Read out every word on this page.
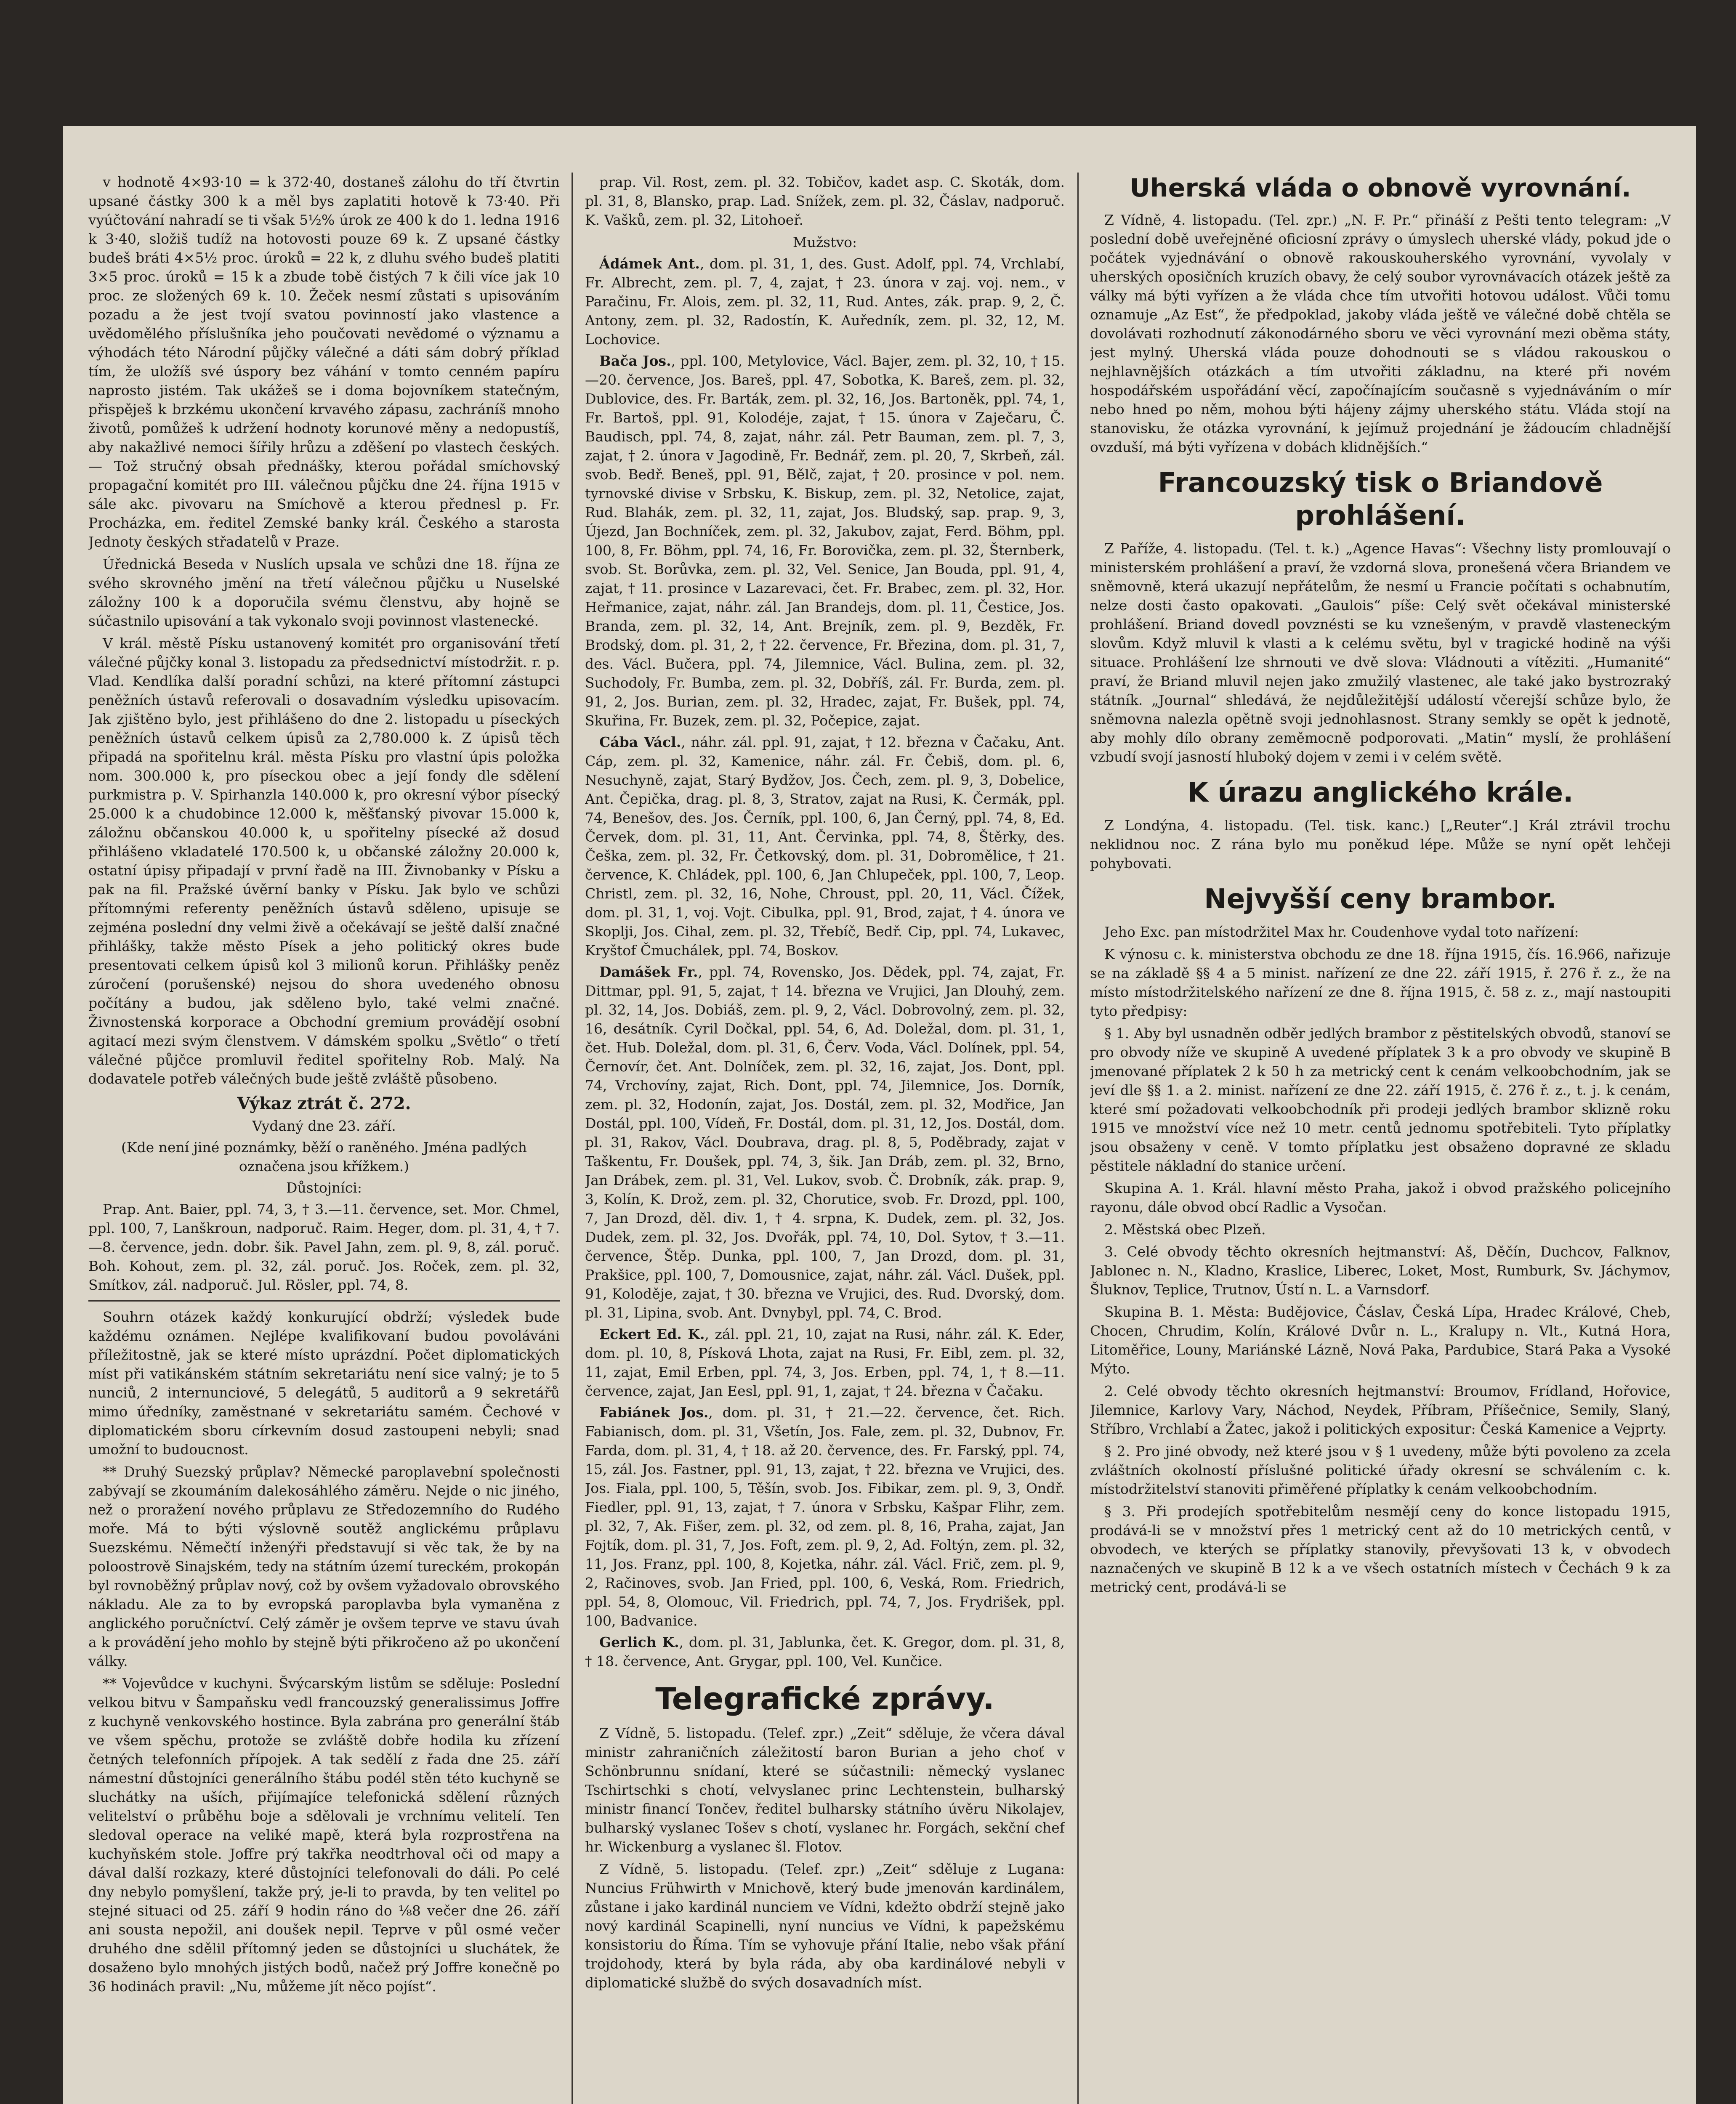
v hodnotě 4×93·10 = k 372·40, dostaneš zálohu do tří čtvrtin upsané částky 300 k a měl bys zaplatiti hotově k 73·40. Při vyúčtování nahradí se ti však 5½% úrok ze 400 k do 1. ledna 1916 k 3·40, složiš tudíž na hotovosti pouze 69 k. Z upsané částky budeš bráti 4×5½ proc. úroků = 22 k, z dluhu svého budeš platiti 3×5 proc. úroků = 15 k a zbude tobě čistých 7 k čili více jak 10 proc. ze složených 69 k. 10. Žeček nesmí zůstati s upisováním pozadu a že jest tvojí svatou povinností jako vlastence a uvědomělého příslušníka jeho poučovati nevědomé o významu a výhodách této Národní půjčky válečné a dáti sám dobrý příklad tím, že uložíš své úspory bez váhání v tomto cenném papíru naprosto jistém. Tak ukážeš se i doma bojovníkem statečným, přispěješ k brzkému ukončení krvavého zápasu, zachráníš mnoho životů, pomůžeš k udržení hodnoty korunové měny a nedopustíš, aby nakažlivé nemoci šířily hrůzu a zděšení po vlastech českých. — Tož stručný obsah přednášky, kterou pořádal smíchovský propagační komitét pro III. válečnou půjčku dne 24. října 1915 v sále akc. pivovaru na Smíchově a kterou přednesl p. Fr. Procházka, em. ředitel Zemské banky král. Českého a starosta Jednoty českých střadatelů v Praze.

Úřednická Beseda v Nuslích upsala ve schůzi dne 18. října ze svého skrovného jmění na třetí válečnou půjčku u Nuselské záložny 100 k a doporučila svému členstvu, aby hojně se súčastnilo upisování a tak vykonalo svoji povinnost vlastenecké.

V král. městě Písku ustanovený komitét pro organisování třetí válečné půjčky konal 3. listopadu za předsednictví místodržit. r. p. Vlad. Kendlíka další poradní schůzi, na které přítomní zástupci peněžních ústavů referovali o dosavadním výsledku upisovacím. Jak zjištěno bylo, jest přihlášeno do dne 2. listopadu u píseckých peněžních ústavů celkem úpisů za 2,780.000 k. Z úpisů těch připadá na spořitelnu král. města Písku pro vlastní úpis položka nom. 300.000 k, pro píseckou obec a její fondy dle sdělení purkmistra p. V. Spirhanzla 140.000 k, pro okresní výbor písecký 25.000 k a chudobince 12.000 k, měšťanský pivovar 15.000 k, záložnu občanskou 40.000 k, u spořitelny písecké až dosud přihlášeno vkladatelé 170.500 k, u občanské záložny 20.000 k, ostatní úpisy připadají v první řadě na III. Živnobanky v Písku a pak na fil. Pražské úvěrní banky v Písku. Jak bylo ve schůzi přítomnými referenty peněžních ústavů sděleno, upisuje se zejména poslední dny velmi živě a očekávají se ještě další značné přihlášky, takže město Písek a jeho politický okres bude presentovati celkem úpisů kol 3 milionů korun. Přihlášky peněz zúročení (porušenské) nejsou do shora uvedeného obnosu počítány a budou, jak sděleno bylo, také velmi značné. Živnostenská korporace a Obchodní gremium provádějí osobní agitací mezi svým členstvem. V dámském spolku „Světlo“ o třetí válečné půjčce promluvil ředitel spořitelny Rob. Malý. Na dodavatele potřeb válečných bude ještě zvláště působeno.

Výkaz ztrát č. 272.
Vydaný dne 23. září.
(Kde není jiné poznámky, běží o raněného. Jména padlých označena jsou křížkem.)
Důstojníci:

Prap. Ant. Baier, ppl. 74, 3, † 3.—11. července, set. Mor. Chmel, ppl. 100, 7, Lanškroun, nadporuč. Raim. Heger, dom. pl. 31, 4, † 7.—8. července, jedn. dobr. šik. Pavel Jahn, zem. pl. 9, 8, zál. poruč. Boh. Kohout, zem. pl. 32, zál. poruč. Jos. Roček, zem. pl. 32, Smítkov, zál. nadporuč. Jul. Rösler, ppl. 74, 8.

Souhrn otázek každý konkurující obdrží; výsledek bude každému oznámen. Nejlépe kvalifikovaní budou povoláváni příležitostně, jak se které místo uprázdní. Počet diplomatických míst při vatikánském státním sekretariátu není sice valný; je to 5 nunciů, 2 internunciové, 5 delegátů, 5 auditorů a 9 sekretářů mimo úředníky, zaměstnané v sekretariátu samém. Čechové v diplomatickém sboru církevním dosud zastoupeni nebyli; snad umožní to budoucnost.

** Druhý Suezský průplav? Německé paroplavební společnosti zabývají se zkoumáním dalekosáhlého záměru. Nejde o nic jiného, než o proražení nového průplavu ze Středozemního do Rudého moře. Má to býti výslovně soutěž anglickému průplavu Suezskému. Němečtí inženýři představují si věc tak, že by na poloostrově Sinajském, tedy na státním území tureckém, prokopán byl rovnoběžný průplav nový, což by ovšem vyžadovalo obrovského nákladu. Ale za to by evropská paroplavba byla vymaněna z anglického poručníctví. Celý záměr je ovšem teprve ve stavu úvah a k provádění jeho mohlo by stejně býti přikročeno až po ukončení války.

** Vojevůdce v kuchyni. Švýcarským listům se sděluje: Poslední velkou bitvu v Šampaňsku vedl francouzský generalissimus Joffre z kuchyně venkovského hostince. Byla zabrána pro generální štáb ve všem spěchu, protože se zvláště dobře hodila ku zřízení četných telefonních přípojek. A tak sedělí z řada dne 25. září námestní důstojníci generálního štábu podél stěn této kuchyně se sluchátky na uších, přijímajíce telefonická sdělení různých velitelství o průběhu boje a sdělovali je vrchnímu velitelí. Ten sledoval operace na veliké mapě, která byla rozprostřena na kuchyňském stole. Joffre prý takřka neodtrhoval oči od mapy a dával další rozkazy, které důstojníci telefonovali do dáli. Po celé dny nebylo pomyšlení, takže prý, je-li to pravda, by ten velitel po stejné situaci od 25. září 9 hodin ráno do ⅛8 večer dne 26. září ani sousta nepožil, ani doušek nepil. Teprve v půl osmé večer druhého dne sdělil přítomný jeden se důstojníci u sluchátek, že dosaženo bylo mnohých jistých bodů, načež prý Joffre konečně po 36 hodinách pravil: „Nu, můžeme jít něco pojíst“.

prap. Vil. Rost, zem. pl. 32. Tobičov, kadet asp. C. Skoták, dom. pl. 31, 8, Blansko, prap. Lad. Snížek, zem. pl. 32, Čáslav, nadporuč. K. Vašků, zem. pl. 32, Litohoeř.

Mužstvo:

Ádámek Ant., dom. pl. 31, 1, des. Gust. Adolf, ppl. 74, Vrchlabí, Fr. Albrecht, zem. pl. 7, 4, zajat, † 23. února v zaj. voj. nem., v Paračinu, Fr. Alois, zem. pl. 32, 11, Rud. Antes, zák. prap. 9, 2, Č. Antony, zem. pl. 32, Radostín, K. Auředník, zem. pl. 32, 12, M. Lochovice.

Bača Jos., ppl. 100, Metylovice, Václ. Bajer, zem. pl. 32, 10, † 15.—20. července, Jos. Bareš, ppl. 47, Sobotka, K. Bareš, zem. pl. 32, Dublovice, des. Fr. Barták, zem. pl. 32, 16, Jos. Bartoněk, ppl. 74, 1, Fr. Bartoš, ppl. 91, Kolodéje, zajat, † 15. února v Zaječaru, Č. Baudisch, ppl. 74, 8, zajat, náhr. zál. Petr Bauman, zem. pl. 7, 3, zajat, † 2. února v Jagodině, Fr. Bednář, zem. pl. 20, 7, Skrbeň, zál. svob. Bedř. Beneš, ppl. 91, Bělč, zajat, † 20. prosince v pol. nem. tyrnovské divise v Srbsku, K. Biskup, zem. pl. 32, Netolice, zajat, Rud. Blahák, zem. pl. 32, 11, zajat, Jos. Bludský, sap. prap. 9, 3, Újezd, Jan Bochníček, zem. pl. 32, Jakubov, zajat, Ferd. Böhm, ppl. 100, 8, Fr. Böhm, ppl. 74, 16, Fr. Borovička, zem. pl. 32, Šternberk, svob. St. Borůvka, zem. pl. 32, Vel. Senice, Jan Bouda, ppl. 91, 4, zajat, † 11. prosince v Lazarevaci, čet. Fr. Brabec, zem. pl. 32, Hor. Heřmanice, zajat, náhr. zál. Jan Brandejs, dom. pl. 11, Čestice, Jos. Branda, zem. pl. 32, 14, Ant. Brejník, zem. pl. 9, Bezděk, Fr. Brodský, dom. pl. 31, 2, † 22. července, Fr. Březina, dom. pl. 31, 7, des. Václ. Bučera, ppl. 74, Jilemnice, Václ. Bulina, zem. pl. 32, Suchodoly, Fr. Bumba, zem. pl. 32, Dobříš, zál. Fr. Burda, zem. pl. 91, 2, Jos. Burian, zem. pl. 32, Hradec, zajat, Fr. Bušek, ppl. 74, Skuřina, Fr. Buzek, zem. pl. 32, Počepice, zajat.

Cába Václ., náhr. zál. ppl. 91, zajat, † 12. března v Čačaku, Ant. Cáp, zem. pl. 32, Kamenice, náhr. zál. Fr. Čebiš, dom. pl. 6, Nesuchyně, zajat, Starý Bydžov, Jos. Čech, zem. pl. 9, 3, Dobelice, Ant. Čepička, drag. pl. 8, 3, Stratov, zajat na Rusi, K. Čermák, ppl. 74, Benešov, des. Jos. Černík, ppl. 100, 6, Jan Černý, ppl. 74, 8, Ed. Červek, dom. pl. 31, 11, Ant. Červinka, ppl. 74, 8, Štěrky, des. Češka, zem. pl. 32, Fr. Četkovský, dom. pl. 31, Dobromělice, † 21. července, K. Chládek, ppl. 100, 6, Jan Chlupeček, ppl. 100, 7, Leop. Christl, zem. pl. 32, 16, Nohe, Chroust, ppl. 20, 11, Václ. Čížek, dom. pl. 31, 1, voj. Vojt. Cibulka, ppl. 91, Brod, zajat, † 4. února ve Skoplji, Jos. Cihal, zem. pl. 32, Třebíč, Bedř. Cip, ppl. 74, Lukavec, Kryštof Čmuchálek, ppl. 74, Boskov.

Damášek Fr., ppl. 74, Rovensko, Jos. Dědek, ppl. 74, zajat, Fr. Dittmar, ppl. 91, 5, zajat, † 14. března ve Vrujici, Jan Dlouhý, zem. pl. 32, 14, Jos. Dobiáš, zem. pl. 9, 2, Václ. Dobrovolný, zem. pl. 32, 16, desátník. Cyril Dočkal, ppl. 54, 6, Ad. Doležal, dom. pl. 31, 1, čet. Hub. Doležal, dom. pl. 31, 6, Červ. Voda, Václ. Dolínek, ppl. 54, Černovír, čet. Ant. Dolníček, zem. pl. 32, 16, zajat, Jos. Dont, ppl. 74, Vrchovíny, zajat, Rich. Dont, ppl. 74, Jilemnice, Jos. Dorník, zem. pl. 32, Hodonín, zajat, Jos. Dostál, zem. pl. 32, Modřice, Jan Dostál, ppl. 100, Vídeň, Fr. Dostál, dom. pl. 31, 12, Jos. Dostál, dom. pl. 31, Rakov, Václ. Doubrava, drag. pl. 8, 5, Poděbrady, zajat v Taškentu, Fr. Doušek, ppl. 74, 3, šik. Jan Dráb, zem. pl. 32, Brno, Jan Drábek, zem. pl. 31, Vel. Lukov, svob. Č. Drobník, zák. prap. 9, 3, Kolín, K. Drož, zem. pl. 32, Chorutice, svob. Fr. Drozd, ppl. 100, 7, Jan Drozd, děl. div. 1, † 4. srpna, K. Dudek, zem. pl. 32, Jos. Dudek, zem. pl. 32, Jos. Dvořák, ppl. 74, 10, Dol. Sytov, † 3.—11. července, Štěp. Dunka, ppl. 100, 7, Jan Drozd, dom. pl. 31, Prakšice, ppl. 100, 7, Domousnice, zajat, náhr. zál. Václ. Dušek, ppl. 91, Koloděje, zajat, † 30. března ve Vrujici, des. Rud. Dvorský, dom. pl. 31, Lipina, svob. Ant. Dvnybyl, ppl. 74, C. Brod.

Eckert Ed. K., zál. ppl. 21, 10, zajat na Rusi, náhr. zál. K. Eder, dom. pl. 10, 8, Písková Lhota, zajat na Rusi, Fr. Eibl, zem. pl. 32, 11, zajat, Emil Erben, ppl. 74, 3, Jos. Erben, ppl. 74, 1, † 8.—11. července, zajat, Jan Eesl, ppl. 91, 1, zajat, † 24. března v Čačaku.

Fabiánek Jos., dom. pl. 31, † 21.—22. července, čet. Rich. Fabianisch, dom. pl. 31, Všetín, Jos. Fale, zem. pl. 32, Dubnov, Fr. Farda, dom. pl. 31, 4, † 18. až 20. července, des. Fr. Farský, ppl. 74, 15, zál. Jos. Fastner, ppl. 91, 13, zajat, † 22. března ve Vrujici, des. Jos. Fiala, ppl. 100, 5, Těšín, svob. Jos. Fibikar, zem. pl. 9, 3, Ondř. Fiedler, ppl. 91, 13, zajat, † 7. února v Srbsku, Kašpar Flihr, zem. pl. 32, 7, Ak. Fišer, zem. pl. 32, od zem. pl. 8, 16, Praha, zajat, Jan Fojtík, dom. pl. 31, 7, Jos. Foft, zem. pl. 9, 2, Ad. Foltýn, zem. pl. 32, 11, Jos. Franz, ppl. 100, 8, Kojetka, náhr. zál. Václ. Frič, zem. pl. 9, 2, Račinoves, svob. Jan Fried, ppl. 100, 6, Veská, Rom. Friedrich, ppl. 54, 8, Olomouc, Vil. Friedrich, ppl. 74, 7, Jos. Frydrišek, ppl. 100, Badvanice.

Gerlich K., dom. pl. 31, Jablunka, čet. K. Gregor, dom. pl. 31, 8, † 18. července, Ant. Grygar, ppl. 100, Vel. Kunčice.

Telegrafické zprávy.

Z Vídně, 5. listopadu. (Telef. zpr.) „Zeit“ sděluje, že včera dával ministr zahraničních záležitostí baron Burian a jeho choť v Schönbrunnu snídaní, které se súčastnili: německý vyslanec Tschirtschki s chotí, velvyslanec princ Lechtenstein, bulharský ministr financí Tončev, ředitel bulharsky státního úvěru Nikolajev, bulharský vyslanec Tošev s chotí, vyslanec hr. Forgách, sekční chef hr. Wickenburg a vyslanec šl. Flotov.

Z Vídně, 5. listopadu. (Telef. zpr.) „Zeit“ sděluje z Lugana: Nuncius Frühwirth v Mnichově, který bude jmenován kardinálem, zůstane i jako kardinál nunciem ve Vídni, kdežto obdrží stejně jako nový kardinál Scapinelli, nyní nuncius ve Vídni, k papežskému konsistoriu do Říma. Tím se vyhovuje přání Italie, nebo však přání trojdohody, která by byla ráda, aby oba kardinálové nebyli v diplomatické službě do svých dosavadních míst.

Uherská vláda o obnově vyrovnání.

Z Vídně, 4. listopadu. (Tel. zpr.) „N. F. Pr.“ přináší z Pešti tento telegram: „V poslední době uveřejněné oficiosní zprávy o úmyslech uherské vlády, pokud jde o počátek vyjednávání o obnově rakouskouherského vyrovnání, vyvolaly v uherských oposičních kruzích obavy, že celý soubor vyrovnávacích otázek ještě za války má býti vyřízen a že vláda chce tím utvořiti hotovou událost. Vůči tomu oznamuje „Az Est“, že předpoklad, jakoby vláda ještě ve válečné době chtěla se dovolávati rozhodnutí zákonodárného sboru ve věci vyrovnání mezi oběma státy, jest mylný. Uherská vláda pouze dohodnouti se s vládou rakouskou o nejhlavnějších otázkách a tím utvořiti základnu, na které při novém hospodářském uspořádání věcí, započínajícím současně s vyjednáváním o mír nebo hned po něm, mohou býti hájeny zájmy uherského státu. Vláda stojí na stanovisku, že otázka vyrovnání, k jejímuž projednání je žádoucím chladnější ovzduší, má býti vyřízena v dobách klidnějších.“

Francouzský tisk o Briandově prohlášení.

Z Paříže, 4. listopadu. (Tel. t. k.) „Agence Havas“: Všechny listy promlouvají o ministerském prohlášení a praví, že vzdorná slova, pronešená včera Briandem ve sněmovně, která ukazují nepřátelům, že nesmí u Francie počítati s ochabnutím, nelze dosti často opakovati. „Gaulois“ píše: Celý svět očekával ministerské prohlášení. Briand dovedl povznésti se ku vznešeným, v pravdě vlasteneckým slovům. Když mluvil k vlasti a k celému světu, byl v tragické hodině na výši situace. Prohlášení lze shrnouti ve dvě slova: Vládnouti a vítěziti. „Humanité“ praví, že Briand mluvil nejen jako zmužilý vlastenec, ale také jako bystrozraký státník. „Journal“ shledává, že nejdůležitější událostí včerejší schůze bylo, že sněmovna nalezla opětně svoji jednohlasnost. Strany semkly se opět k jednotě, aby mohly dílo obrany zeměmocně podporovati. „Matin“ myslí, že prohlášení vzbudí svojí jasností hluboký dojem v zemi i v celém světě.

K úrazu anglického krále.

Z Londýna, 4. listopadu. (Tel. tisk. kanc.) [„Reuter“.] Král ztrávil trochu neklidnou noc. Z rána bylo mu poněkud lépe. Může se nyní opět lehčeji pohybovati.

Nejvyšší ceny brambor.

Jeho Exc. pan místodržitel Max hr. Coudenhove vydal toto nařízení:

K výnosu c. k. ministerstva obchodu ze dne 18. října 1915, čís. 16.966, nařizuje se na základě §§ 4 a 5 minist. nařízení ze dne 22. září 1915, ř. 276 ř. z., že na místo místodržitelského nařízení ze dne 8. října 1915, č. 58 z. z., mají nastoupiti tyto předpisy:

§ 1. Aby byl usnadněn odběr jedlých brambor z pěstitelských obvodů, stanoví se pro obvody níže ve skupině A uvedené příplatek 3 k a pro obvody ve skupině B jmenované příplatek 2 k 50 h za metrický cent k cenám velkoobchodním, jak se jeví dle §§ 1. a 2. minist. nařízení ze dne 22. září 1915, č. 276 ř. z., t. j. k cenám, které smí požadovati velkoobchodník při prodeji jedlých brambor sklizně roku 1915 ve množství více než 10 metr. centů jednomu spotřebiteli. Tyto příplatky jsou obsaženy v ceně. V tomto příplatku jest obsaženo dopravné ze skladu pěstitele nákladní do stanice určení.

Skupina A. 1. Král. hlavní město Praha, jakož i obvod pražského policejního rayonu, dále obvod obcí Radlic a Vysočan.

2. Městská obec Plzeň.

3. Celé obvody těchto okresních hejtmanství: Aš, Děčín, Duchcov, Falknov, Jablonec n. N., Kladno, Kraslice, Liberec, Loket, Most, Rumburk, Sv. Jáchymov, Šluknov, Teplice, Trutnov, Ústí n. L. a Varnsdorf.

Skupina B. 1. Města: Budějovice, Čáslav, Česká Lípa, Hradec Králové, Cheb, Chocen, Chrudim, Kolín, Králové Dvůr n. L., Kralupy n. Vlt., Kutná Hora, Litoměřice, Louny, Mariánské Lázně, Nová Paka, Pardubice, Stará Paka a Vysoké Mýto.

2. Celé obvody těchto okresních hejtmanství: Broumov, Frídland, Hořovice, Jilemnice, Karlovy Vary, Náchod, Neydek, Příbram, Příšečnice, Semily, Slaný, Stříbro, Vrchlabí a Žatec, jakož i politických expositur: Česká Kamenice a Vejprty.

§ 2. Pro jiné obvody, než které jsou v § 1 uvedeny, může býti povoleno za zcela zvláštních okolností příslušné politické úřady okresní se schválením c. k. místodržitelství stanoviti přiměřené příplatky k cenám velkoobchodním.

§ 3. Při prodejích spotřebitelům nesmějí ceny do konce listopadu 1915, prodává-li se v množství přes 1 metrický cent až do 10 metrických centů, v obvodech, ve kterých se příplatky stanovily, převyšovati 13 k, v obvodech naznačených ve skupině B 12 k a ve všech ostatních místech v Čechách 9 k za metrický cent, prodává-li se
